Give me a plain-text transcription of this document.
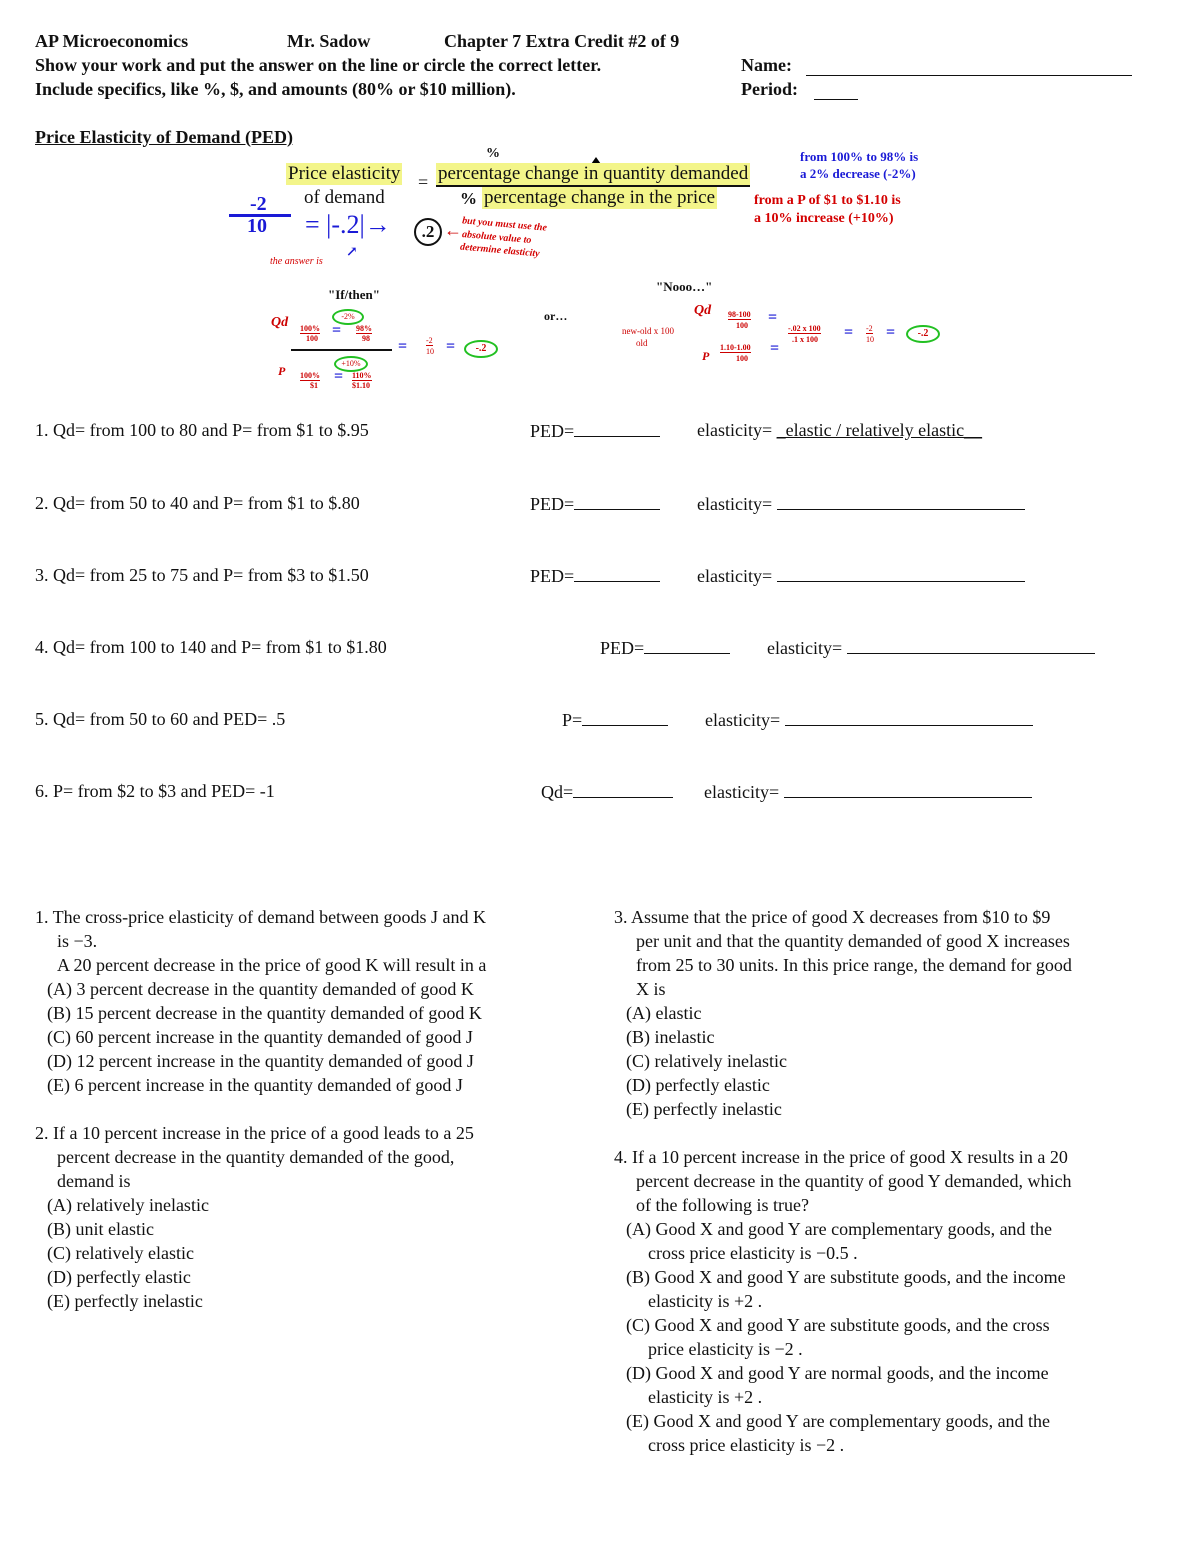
AP Microeconomics	Mr. Sadow	Chapter 7 Extra Credit #2 of 9
Show your work and put the answer on the line or circle the correct letter.
Include specifics, like %, $, and amounts (80% or $10 million).
Name:
Period:
Price Elasticity of Demand (PED)
%
Price elasticity
of demand
= percentage change in quantity demanded
% percentage change in the price
from 100% to 98% is
a 2% decrease (-2%)
from a P of $1 to $1.10 is
a 10% increase (+10%)
-2
10 = |-.2|→	.2 ← but you must use the
absolute value to
determine elasticity
the answer is
↗
"If/then"
Qd	-2%
100%
100 = 98%
98 = -2
10 =	-.2
+10%
P 100%
$1
= 110%
$1.10
or…
"Nooo…"
new-old x 100
old
Qd 98-100
100 =
P
1.10-1.00
100
=
-.02 x 100
.1 x 100 = -2
10 =	-.2
1. Qd= from 100 to 80 and P= from $1 to $.95	PED=	elasticity= _elastic / relatively elastic__
2. Qd= from 50 to 40 and P= from $1 to $.80	PED=	elasticity=
3. Qd= from 25 to 75 and P= from $3 to $1.50	PED=	elasticity=
4. Qd= from 100 to 140 and P= from $1 to $1.80	PED=	elasticity=
5. Qd= from 50 to 60 and PED= .5	P=	elasticity=
6. P= from $2 to $3 and PED= -1	Qd=	elasticity=
1. The cross-price elasticity of demand between goods J and K
is −3.
A 20 percent decrease in the price of good K will result in a
(A) 3 percent decrease in the quantity demanded of good K
(B) 15 percent decrease in the quantity demanded of good K
(C) 60 percent increase in the quantity demanded of good J
(D) 12 percent increase in the quantity demanded of good J
(E) 6 percent increase in the quantity demanded of good J
2. If a 10 percent increase in the price of a good leads to a 25
percent decrease in the quantity demanded of the good,
demand is
(A) relatively inelastic
(B) unit elastic
(C) relatively elastic
(D) perfectly elastic
(E) perfectly inelastic
3. Assume that the price of good X decreases from $10 to $9
per unit and that the quantity demanded of good X increases
from 25 to 30 units. In this price range, the demand for good
X is
(A) elastic
(B) inelastic
(C) relatively inelastic
(D) perfectly elastic
(E) perfectly inelastic
4. If a 10 percent increase in the price of good X results in a 20
percent decrease in the quantity of good Y demanded, which
of the following is true?
(A) Good X and good Y are complementary goods, and the
cross price elasticity is −0.5 .
(B) Good X and good Y are substitute goods, and the income
elasticity is +2 .
(C) Good X and good Y are substitute goods, and the cross
price elasticity is −2 .
(D) Good X and good Y are normal goods, and the income
elasticity is +2 .
(E) Good X and good Y are complementary goods, and the
cross price elasticity is −2 .
